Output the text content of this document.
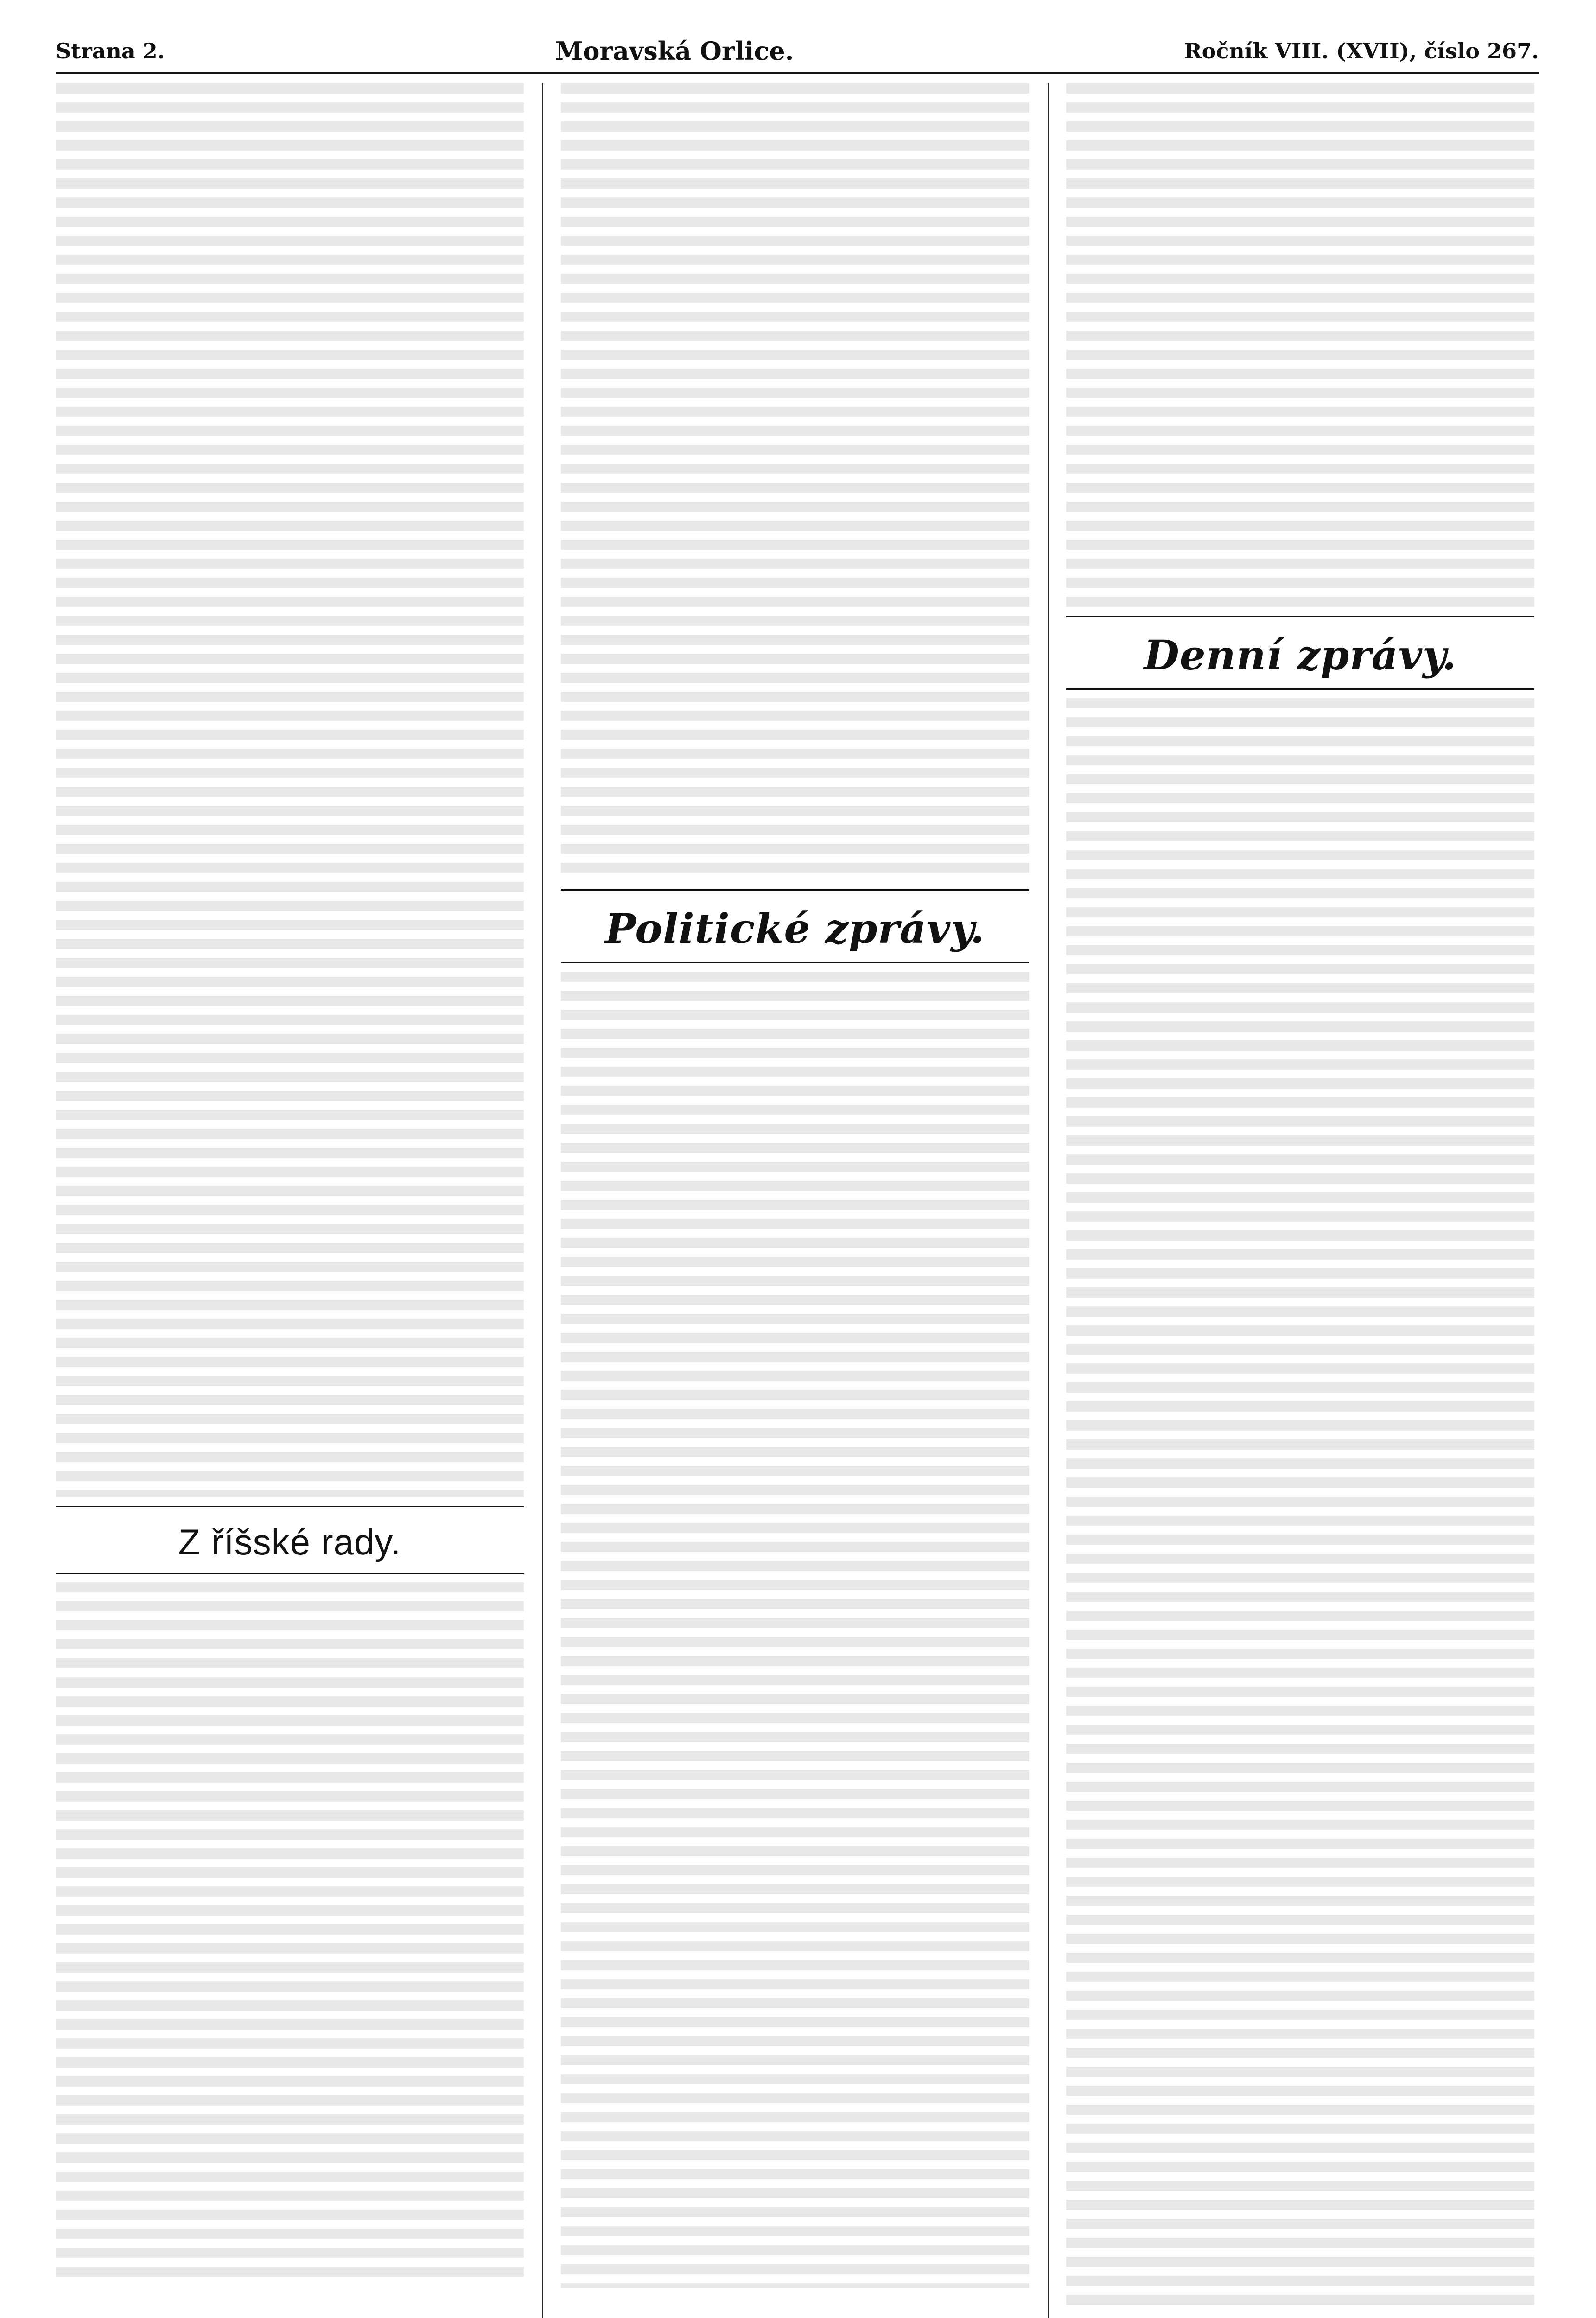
Strana 2.	Moravská Orlice.	Ročník VIII. (XVII), číslo 267.
Z říšské rady.
Politické zprávy.
Denní zprávy.
